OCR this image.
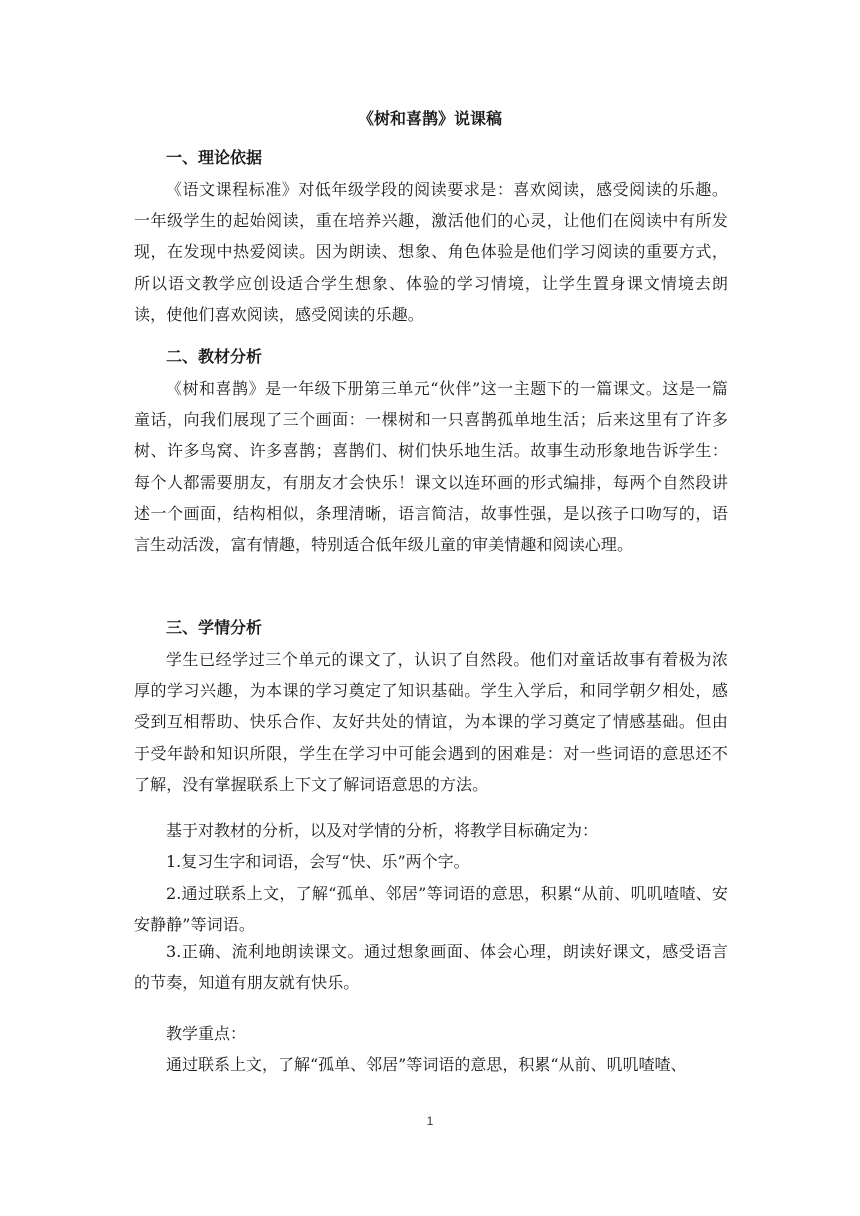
《树和喜鹊》说课稿
一、理论依据

《语文课程标准》对低年级学段的阅读要求是：喜欢阅读，感受阅读的乐趣。一年级学生的起始阅读，重在培养兴趣，激活他们的心灵，让他们在阅读中有所发现，在发现中热爱阅读。因为朗读、想象、角色体验是他们学习阅读的重要方式，所以语文教学应创设适合学生想象、体验的学习情境，让学生置身课文情境去朗读，使他们喜欢阅读，感受阅读的乐趣。

二、教材分析

《树和喜鹊》是一年级下册第三单元“伙伴”这一主题下的一篇课文。这是一篇童话，向我们展现了三个画面：一棵树和一只喜鹊孤单地生活；后来这里有了许多树、许多鸟窝、许多喜鹊；喜鹊们、树们快乐地生活。故事生动形象地告诉学生：每个人都需要朋友，有朋友才会快乐！课文以连环画的形式编排，每两个自然段讲述一个画面，结构相似，条理清晰，语言简洁，故事性强，是以孩子口吻写的，语言生动活泼，富有情趣，特别适合低年级儿童的审美情趣和阅读心理。

三、学情分析

学生已经学过三个单元的课文了，认识了自然段。他们对童话故事有着极为浓厚的学习兴趣，为本课的学习奠定了知识基础。学生入学后，和同学朝夕相处，感受到互相帮助、快乐合作、友好共处的情谊，为本课的学习奠定了情感基础。但由于受年龄和知识所限，学生在学习中可能会遇到的困难是：对一些词语的意思还不了解，没有掌握联系上下文了解词语意思的方法。

基于对教材的分析，以及对学情的分析，将教学目标确定为：

1.复习生字和词语，会写“快、乐”两个字。

2.通过联系上文，了解“孤单、邻居”等词语的意思，积累“从前、叽叽喳喳、安安静静”等词语。

3.正确、流利地朗读课文。通过想象画面、体会心理，朗读好课文，感受语言的节奏，知道有朋友就有快乐。

教学重点：

通过联系上文，了解“孤单、邻居”等词语的意思，积累“从前、叽叽喳喳、

1
